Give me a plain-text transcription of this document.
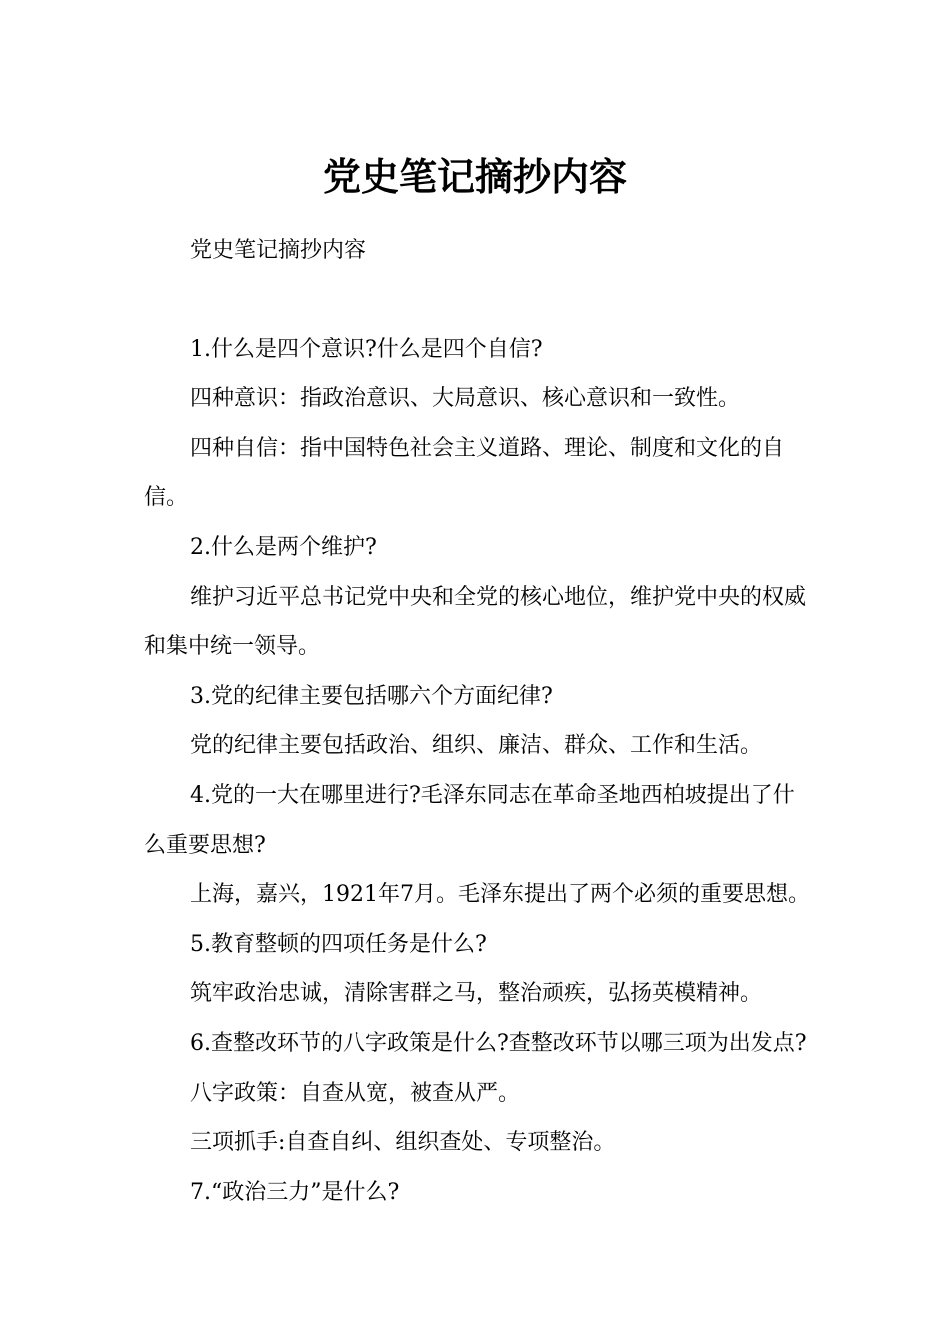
党史笔记摘抄内容

党史笔记摘抄内容

1.什么是四个意识?什么是四个自信?

四种意识：指政治意识、大局意识、核心意识和一致性。

四种自信：指中国特色社会主义道路、理论、制度和文化的自信。

2.什么是两个维护?

维护习近平总书记党中央和全党的核心地位，维护党中央的权威和集中统一领导。

3.党的纪律主要包括哪六个方面纪律?

党的纪律主要包括政治、组织、廉洁、群众、工作和生活。

4.党的一大在哪里进行?毛泽东同志在革命圣地西柏坡提出了什么重要思想?

上海，嘉兴，1921年7月。毛泽东提出了两个必须的重要思想。

5.教育整顿的四项任务是什么?

筑牢政治忠诚，清除害群之马，整治顽疾，弘扬英模精神。

6.查整改环节的八字政策是什么?查整改环节以哪三项为出发点?

八字政策：自查从宽，被查从严。

三项抓手:自查自纠、组织查处、专项整治。

7.“政治三力”是什么?
